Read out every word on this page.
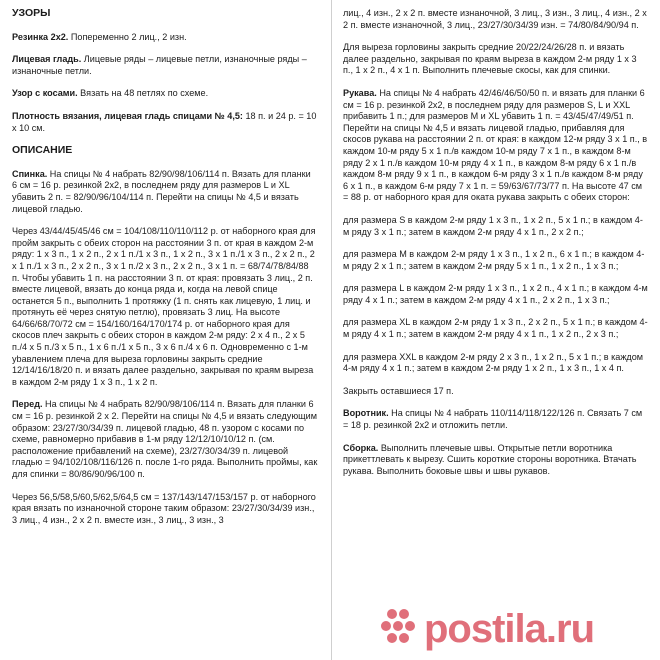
УЗОРЫ

Резинка 2х2. Попеременно 2 лиц., 2 изн.

Лицевая гладь. Лицевые ряды – лицевые петли, изнаночные ряды – изнаночные петли.

Узор с косами. Вязать на 48 петлях по схеме.

Плотность вязания, лицевая гладь спицами № 4,5: 18 п. и 24 р. = 10 х 10 см.

ОПИСАНИЕ

Спинка. На спицы № 4 набрать 82/90/98/106/114 п. Вязать для планки 6 см = 16 р. резинкой 2х2, в последнем ряду для размеров L и XL убавить 2 п. = 82/90/96/104/114 п. Перейти на спицы № 4,5 и вязать лицевой гладью.

Через 43/44/45/45/46 см = 104/108/110/110/112 р. от наборного края для пройм закрыть с обеих сторон на расстоянии 3 п. от края в каждом 2-м ряду: 1 х 3 п., 1 х 2 п., 2 х 1 п./1 х 3 п., 1 х 2 п., 3 х 1 п./1 х 3 п., 2 х 2 п., 2 х 1 п./1 х 3 п., 2 х 2 п., 3 х 1 п./2 х 3 п., 2 х 2 п., 3 х 1 п. = 68/74/78/84/88 п. Чтобы убавить 1 п. на расстоянии 3 п. от края: провязать 3 лиц., 2 п. вместе лицевой, вязать до конца ряда и, когда на левой спице останется 5 п., выполнить 1 протяжку (1 п. снять как лицевую, 1 лиц. и протянуть её через снятую петлю), провязать 3 лиц. На высоте 64/66/68/70/72 см = 154/160/164/170/174 р. от наборного края для скосов плеч закрыть с обеих сторон в каждом 2-м ряду: 2 х 4 п., 2 х 5 п./4 х 5 п./3 х 5 п., 1 х 6 п./1 х 5 п., 3 х 6 п./4 х 6 п. Одновременно с 1-м уbавлением плеча для выреза горловины закрыть средние 12/14/16/18/20 п. и вязать далее раздельно, закрывая по краям выреза в каждом 2-м ряду 1 х 3 п., 1 х 2 п.

Перед. На спицы № 4 набрать 82/90/98/106/114 п. Вязать для планки 6 см = 16 р. резинкой 2 х 2. Перейти на спицы № 4,5 и вязать следующим образом: 23/27/30/34/39 п. лицевой гладью, 48 п. узором с косами по схеме, равномерно прибавив в 1-м ряду 12/12/10/10/12 п. (см. расположение прибавлений на схеме), 23/27/30/34/39 п. лицевой гладью = 94/102/108/116/126 п. после 1-го ряда. Выполнить проймы, как для спинки = 80/86/90/96/100 п.

Через 56,5/58,5/60,5/62,5/64,5 см = 137/143/147/153/157 р. от наборного края вязать по изнаночной стороне таким образом: 23/27/30/34/39 изн., 3 лиц., 4 изн., 2 х 2 п. вместе изн., 3 лиц., 3 изн., 3

лиц., 4 изн., 2 х 2 п. вместе изнаночной, 3 лиц., 3 изн., 3 лиц., 4 изн., 2 х 2 п. вместе изнаночной, 3 лиц., 23/27/30/34/39 изн. = 74/80/84/90/94 п.

Для выреза горловины закрыть средние 20/22/24/26/28 п. и вязать далее раздельно, закрывая по краям выреза в каждом 2-м ряду 1 х 3 п., 1 х 2 п., 4 х 1 п. Выполнить плечевые скосы, как для спинки.

Рукава. На спицы № 4 набрать 42/46/46/50/50 п. и вязать для планки 6 см = 16 р. резинкой 2х2, в последнем ряду для размеров S, L и XXL прибавить 1 п.; для размеров M и XL убавить 1 п. = 43/45/47/49/51 п. Перейти на спицы № 4,5 и вязать лицевой гладью, прибавляя для скосов рукава на расстоянии 2 п. от края: в каждом 12-м ряду 3 х 1 п., в каждом 10-м ряду 5 х 1 п./в каждом 10-м ряду 7 х 1 п., в каждом 8-м ряду 2 х 1 п./в каждом 10-м ряду 4 х 1 п., в каждом 8-м ряду 6 х 1 п./в каждом 8-м ряду 9 х 1 п., в каждом 6-м ряду 3 х 1 п./в каждом 8-м ряду 6 х 1 п., в каждом 6-м ряду 7 х 1 п. = 59/63/67/73/77 п. На высоте 47 см = 88 р. от наборного края для оката рукава закрыть с обеих сторон:

для размера S в каждом 2-м ряду 1 х 3 п., 1 х 2 п., 5 х 1 п.; в каждом 4-м ряду 3 х 1 п.; затем в каждом 2-м ряду 4 х 1 п., 2 х 2 п.;

для размера M в каждом 2-м ряду 1 х 3 п., 1 х 2 п., 6 х 1 п.; в каждом 4-м ряду 2 х 1 п.; затем в каждом 2-м ряду 5 х 1 п., 1 х 2 п., 1 х 3 п.;

для размера L в каждом 2-м ряду 1 х 3 п., 1 х 2 п., 4 х 1 п.; в каждом 4-м ряду 4 х 1 п.; затем в каждом 2-м ряду 4 х 1 п., 2 х 2 п., 1 х 3 п.;

для размера XL в каждом 2-м ряду 1 х 3 п., 2 х 2 п., 5 х 1 п.; в каждом 4-м ряду 4 х 1 п.; затем в каждом 2-м ряду 4 х 1 п., 1 х 2 п., 2 х 3 п.;

для размера XXL в каждом 2-м ряду 2 х 3 п., 1 х 2 п., 5 х 1 п.; в каждом 4-м ряду 4 х 1 п.; затем в каждом 2-м ряду 1 х 2 п., 1 х 3 п., 1 х 4 п.

Закрыть оставшиеся 17 п.

Воротник. На спицы № 4 набрать 110/114/118/122/126 п. Связать 7 см = 18 р. резинкой 2х2 и отложить петли.

Сборка. Выполнить плечевые швы. Открытые петли воротника прикеттлевать к вырезу. Сшить короткие стороны воротника. Втачать рукава. Выполнить боковые швы и швы рукавов.

postila.ru
